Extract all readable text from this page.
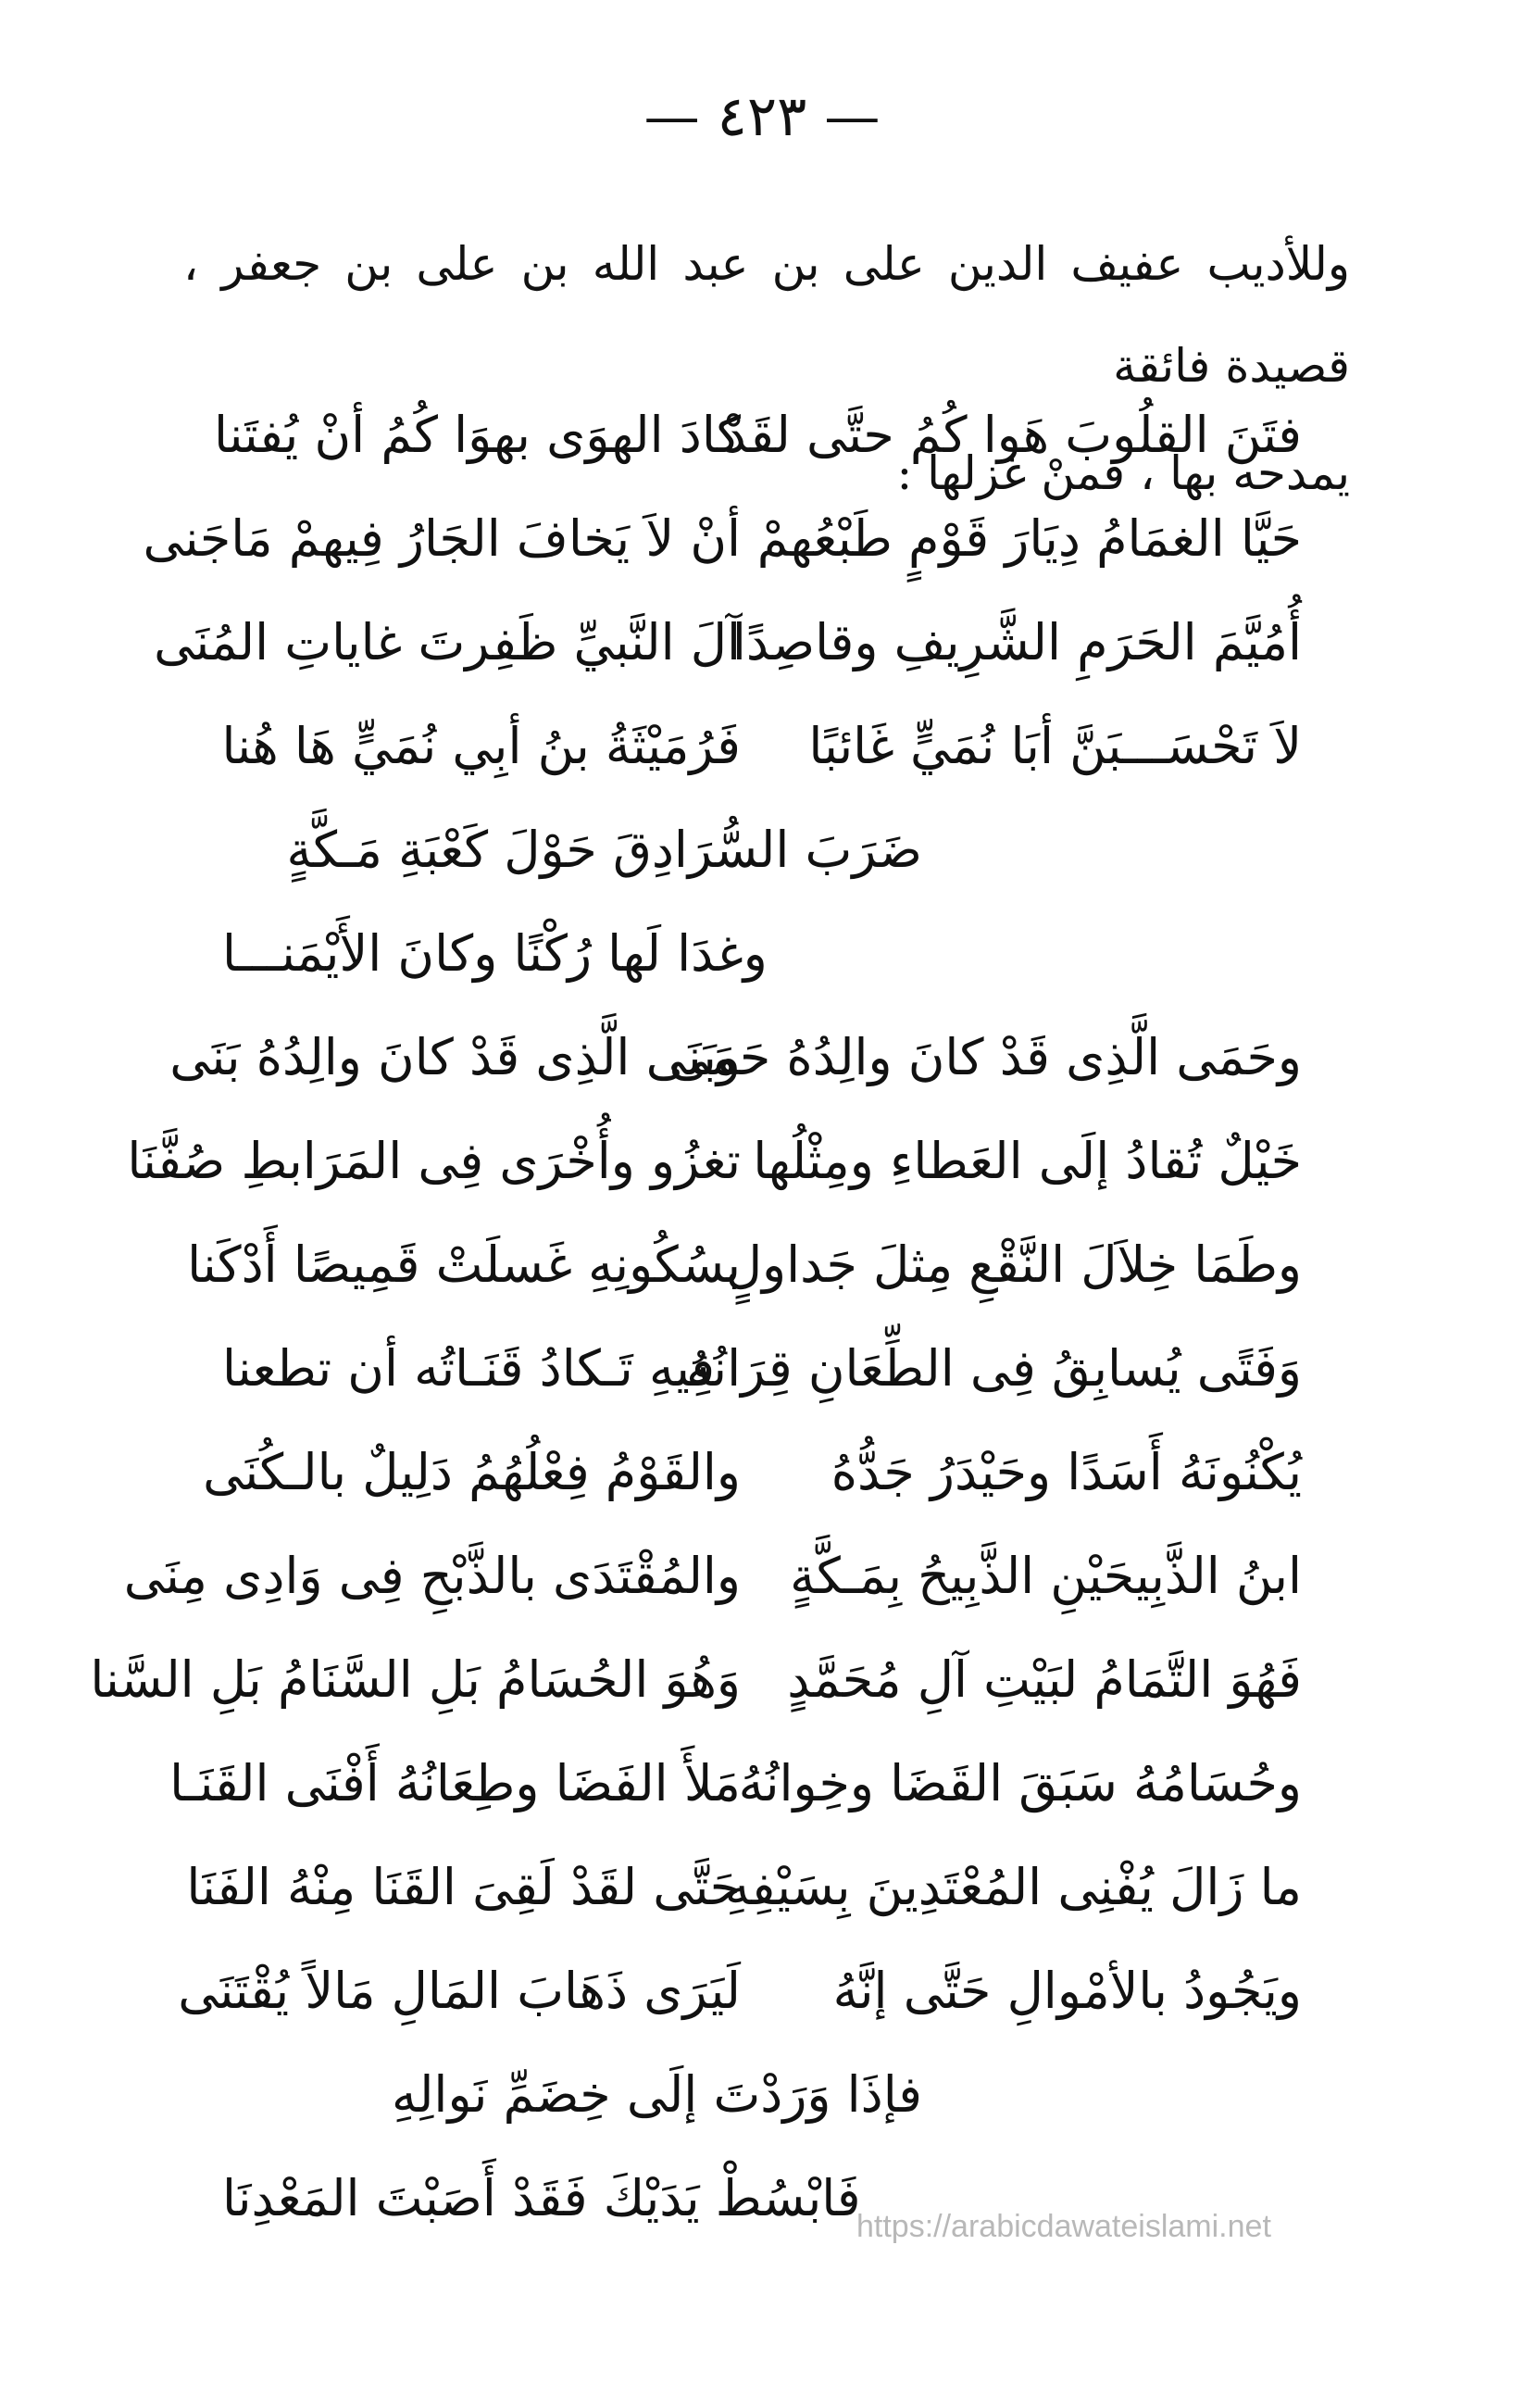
— ٤٢٣ —

وللأديب عفيف الدين على بن عبد الله بن على بن جعفر ، قصيدة فائقة

يمدحه بها ، فمنْ غزلها :

فتَنَ القلُوبَ هَوا كُمُ حتَّى لقَدْ
كادَ الهوَى بهوَا كُمُ أنْ يُفتَنا
حَيَّا الغمَامُ دِيَارَ قَوْمٍ طَبْعُهمْ
أنْ لاَ يَخافَ الجَارُ فِيهمْ مَاجَنى
أُمُيَّمَ الحَرَمِ الشَّرِيفِ وقاصِدًا
آلَ النَّبيِّ ظَفِرتَ غاياتِ المُنَى
لاَ تَحْسَـــبَنَّ أبَا نُمَيٍّ غَائبًا
فَرُمَيْثَةُ بنُ أبِي نُمَيٍّ هَا هُنا
ضَرَبَ السُّرَادِقَ حَوْلَ كَعْبَةِ مَـكَّةٍ
وغدَا لَها رُكْنًا وكانَ الأَيْمَنـــا
وحَمَى الَّذِى قَدْ كانَ والِدُهُ حَمَى
وبَنَى الَّذِى قَدْ كانَ والِدُهُ بَنَى
خَيْلٌ تُقادُ إلَى العَطاءِ ومِثْلُها
تغزُو وأُخْرَى فِى المَرَابطِ صُفَّنَا
وطَمَا خِلاَلَ النَّقْعِ مِثلَ جَداولٍ
بسُكُونِهِ غَسلَتْ قَمِيصًا أَدْكَنا
وَفَتًى يُسابِقُ فِى الطِّعَانِ قِرَانُهُ
فِيهِ تَـكادُ قَنَـاتُه أن تطعنا
يُكْنُونَهُ أَسَدًا وحَيْدَرُ جَدُّهُ
والقَوْمُ فِعْلُهُمُ دَلِيلٌ بالـكُنَى
ابنُ الذَّبِيحَيْنِ الذَّبِيحُ بِمَـكَّةٍ
والمُقْتَدَى بالذَّبْحِ فِى وَادِى مِنَى
فَهُوَ التَّمَامُ لبَيْتِ آلِ مُحَمَّدٍ
وَهُوَ الحُسَامُ بَلِ السَّنَامُ بَلِ السَّنا
وحُسَامُهُ سَبَقَ القَضَا وخِوانُهُ
مَلأَ الفَضَا وطِعَانُهُ أَفْنَى القَنَـا
ما زَالَ يُفْنِى المُعْتَدِينَ بِسَيْفِهِ
حَتَّى لقَدْ لَقِىَ القَنَا مِنْهُ الفَنَا
ويَجُودُ بالأمْوالِ حَتَّى إنَّهُ
لَيَرَى ذَهَابَ المَالِ مَالاً يُقْتَنَى
فإذَا وَرَدْتَ إلَى خِضَمِّ نَوالِهِ
فَابْسُطْ يَدَيْكَ فَقَدْ أَصَبْتَ المَعْدِنَا
https://arabicdawateislami.net
